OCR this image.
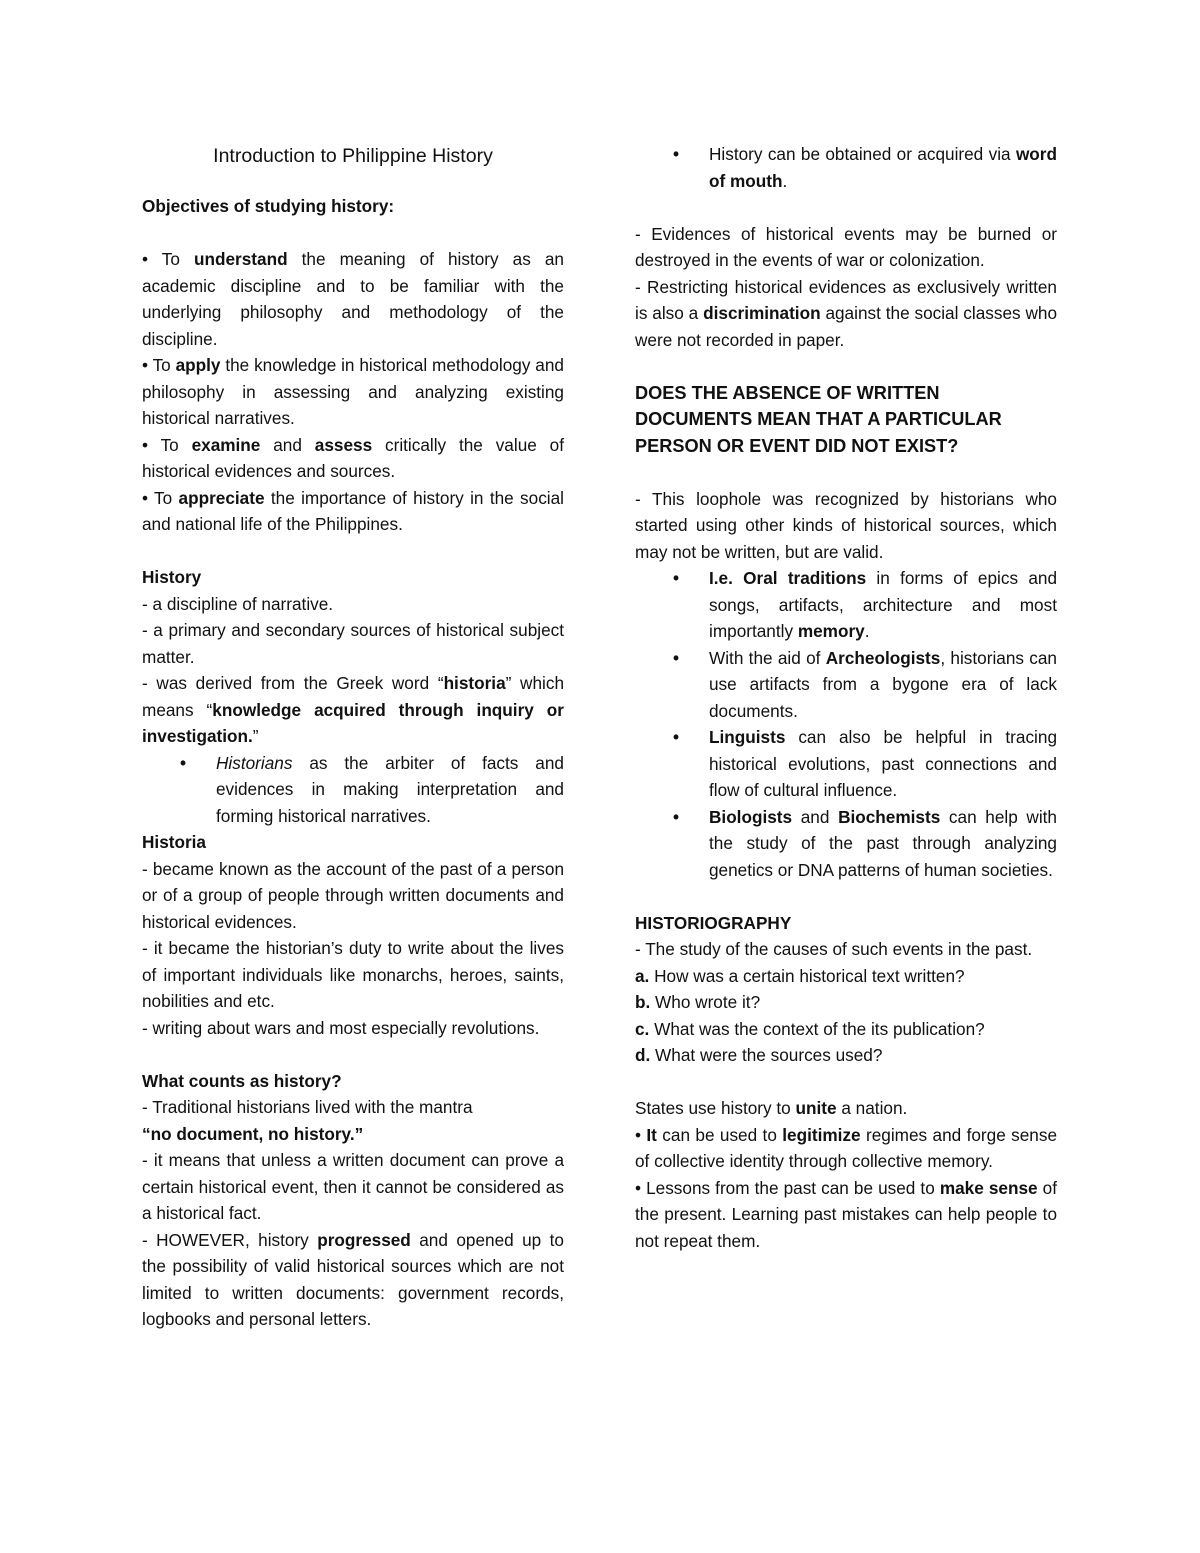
Introduction to Philippine History

Objectives of studying history:

• To understand the meaning of history as an academic discipline and to be familiar with the underlying philosophy and methodology of the discipline.

• To apply the knowledge in historical methodology and philosophy in assessing and analyzing existing historical narratives.

• To examine and assess critically the value of historical evidences and sources.

• To appreciate the importance of history in the social and national life of the Philippines.

History

- a discipline of narrative.

- a primary and secondary sources of historical subject matter.

- was derived from the Greek word “historia” which means “knowledge acquired through inquiry or investigation.”

• Historians as the arbiter of facts and evidences in making interpretation and forming historical narratives.

Historia

- became known as the account of the past of a person or of a group of people through written documents and historical evidences.

- it became the historian’s duty to write about the lives of important individuals like monarchs, heroes, saints, nobilities and etc.

- writing about wars and most especially revolutions.

What counts as history?

- Traditional historians lived with the mantra

“no document, no history.”

- it means that unless a written document can prove a certain historical event, then it cannot be considered as a historical fact.

- HOWEVER, history progressed and opened up to the possibility of valid historical sources which are not limited to written documents: government records, logbooks and personal letters.

• History can be obtained or acquired via word of mouth.

- Evidences of historical events may be burned or destroyed in the events of war or colonization.

- Restricting historical evidences as exclusively written is also a discrimination against the social classes who were not recorded in paper.

DOES THE ABSENCE OF WRITTEN DOCUMENTS MEAN THAT A PARTICULAR PERSON OR EVENT DID NOT EXIST?

- This loophole was recognized by historians who started using other kinds of historical sources, which may not be written, but are valid.

• I.e. Oral traditions in forms of epics and songs, artifacts, architecture and most importantly memory.

• With the aid of Archeologists, historians can use artifacts from a bygone era of lack documents.

• Linguists can also be helpful in tracing historical evolutions, past connections and flow of cultural influence.

• Biologists and Biochemists can help with the study of the past through analyzing genetics or DNA patterns of human societies.

HISTORIOGRAPHY

- The study of the causes of such events in the past.

a. How was a certain historical text written?

b. Who wrote it?

c. What was the context of the its publication?

d. What were the sources used?

States use history to unite a nation.

• It can be used to legitimize regimes and forge sense of collective identity through collective memory.

• Lessons from the past can be used to make sense of the present. Learning past mistakes can help people to not repeat them.
